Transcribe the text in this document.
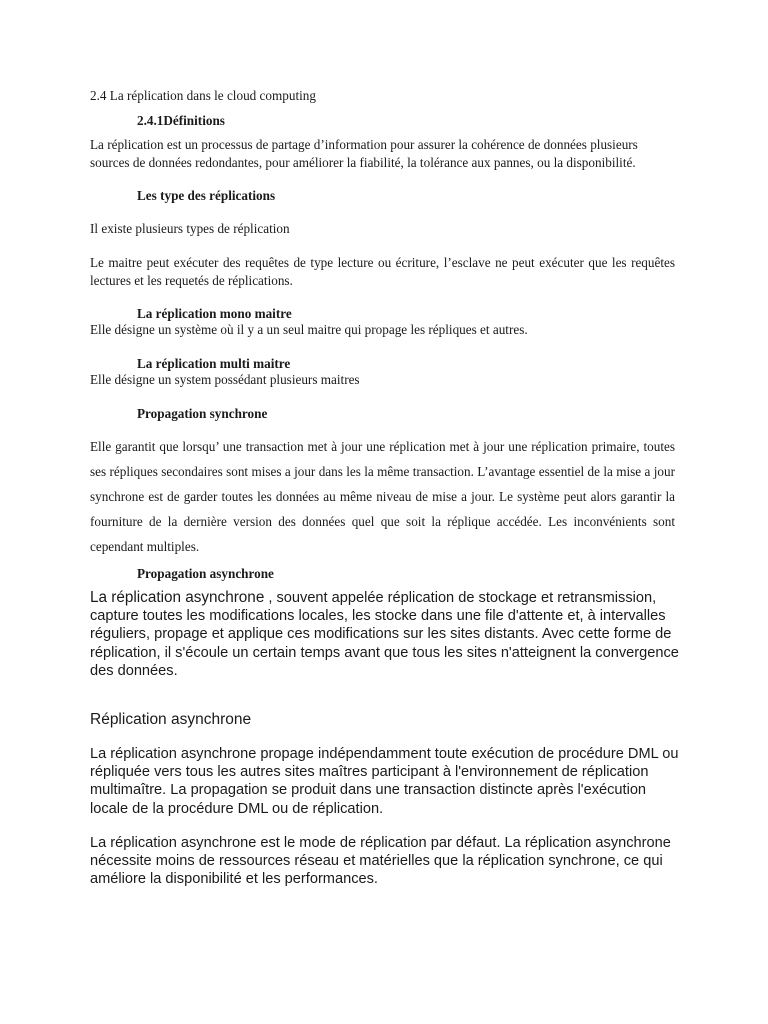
2.4 La réplication dans le cloud computing

2.4.1Définitions

La réplication est un processus de partage d’information pour assurer la cohérence de données plusieurs sources de données redondantes, pour améliorer la fiabilité, la tolérance aux pannes, ou la disponibilité.

Les type des réplications

Il existe plusieurs types de réplication

Le maitre peut exécuter des requêtes de type lecture ou écriture, l’esclave ne peut exécuter que les requêtes lectures et les requetés de réplications.

La réplication mono maitre

Elle désigne un système où il y a un seul maitre qui propage les répliques et autres.

La réplication multi maitre

Elle désigne un system possédant plusieurs maitres

Propagation synchrone

Elle garantit que lorsqu’ une transaction met à jour une réplication met à jour une réplication primaire, toutes ses répliques secondaires sont mises a jour dans les la même transaction. L’avantage essentiel de la mise a jour synchrone est de garder toutes les données au même niveau de mise a jour. Le système peut alors garantir la fourniture de la dernière version des données quel que soit la réplique accédée. Les inconvénients sont cependant multiples.

Propagation asynchrone

La réplication asynchrone , souvent appelée réplication de stockage et retransmission, capture toutes les modifications locales, les stocke dans une file d'attente et, à intervalles réguliers, propage et applique ces modifications sur les sites distants. Avec cette forme de réplication, il s'écoule un certain temps avant que tous les sites n'atteignent la convergence des données.

Réplication asynchrone

La réplication asynchrone propage indépendamment toute exécution de procédure DML ou répliquée vers tous les autres sites maîtres participant à l'environnement de réplication multimaître. La propagation se produit dans une transaction distincte après l'exécution locale de la procédure DML ou de réplication.

La réplication asynchrone est le mode de réplication par défaut. La réplication asynchrone nécessite moins de ressources réseau et matérielles que la réplication synchrone, ce qui améliore la disponibilité et les performances.
